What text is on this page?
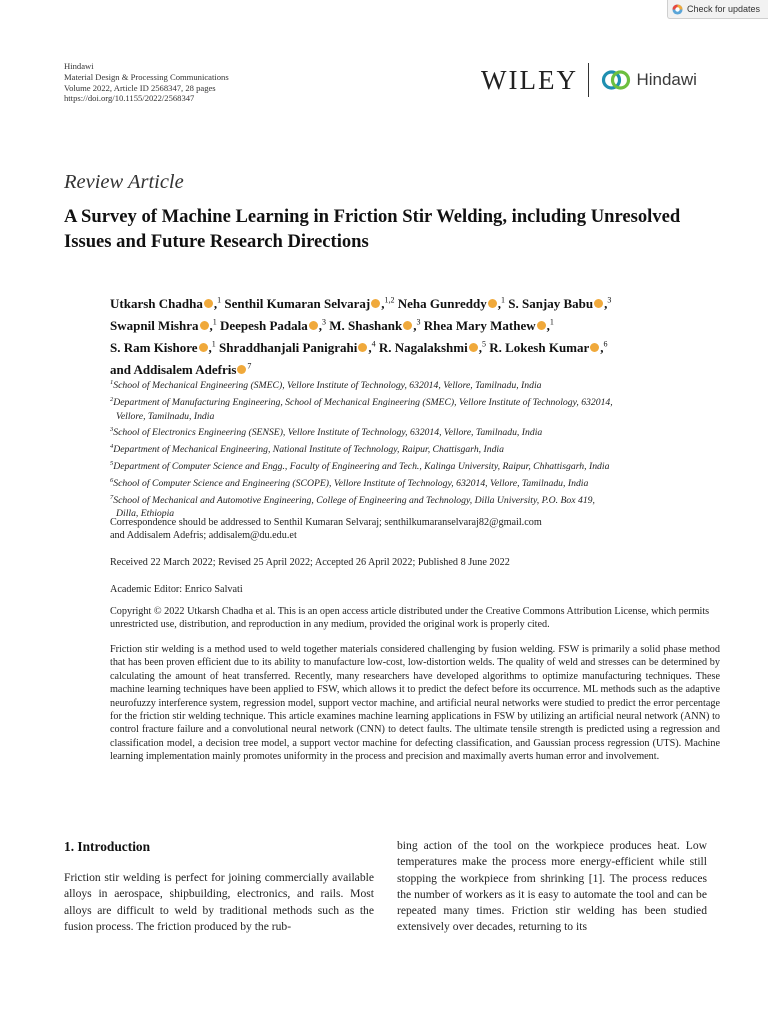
Check for updates
Hindawi
Material Design & Processing Communications
Volume 2022, Article ID 2568347, 28 pages
https://doi.org/10.1155/2022/2568347
WILEY	Hindawi
Review Article
A Survey of Machine Learning in Friction Stir Welding, including Unresolved Issues and Future Research Directions
Utkarsh Chadha ,$^1$ Senthil Kumaran Selvaraj ,$^{1,2}$ Neha Gunreddy ,$^1$ S. Sanjay Babu ,$^3$
Swapnil Mishra ,$^1$ Deepesh Padala ,$^3$ M. Shashank ,$^3$ Rhea Mary Mathew ,$^1$
S. Ram Kishore ,$^1$ Shraddhanjali Panigrahi ,$^4$ R. Nagalakshmi ,$^5$ R. Lokesh Kumar ,$^6$
and Addisalem Adefris $^7$
$^1$School of Mechanical Engineering (SMEC), Vellore Institute of Technology, 632014, Vellore, Tamilnadu, India
$^2$Department of Manufacturing Engineering, School of Mechanical Engineering (SMEC), Vellore Institute of Technology, 632014,
Vellore, Tamilnadu, India
$^3$School of Electronics Engineering (SENSE), Vellore Institute of Technology, 632014, Vellore, Tamilnadu, India
$^4$Department of Mechanical Engineering, National Institute of Technology, Raipur, Chattisgarh, India
$^5$Department of Computer Science and Engg., Faculty of Engineering and Tech., Kalinga University, Raipur, Chhattisgarh, India
$^6$School of Computer Science and Engineering (SCOPE), Vellore Institute of Technology, 632014, Vellore, Tamilnadu, India
$^7$School of Mechanical and Automotive Engineering, College of Engineering and Technology, Dilla University, P.O. Box 419,
Dilla, Ethiopia
Correspondence should be addressed to Senthil Kumaran Selvaraj; senthilkumaranselvaraj82@gmail.com
and Addisalem Adefris; addisalem@du.edu.et
Received 22 March 2022; Revised 25 April 2022; Accepted 26 April 2022; Published 8 June 2022
Academic Editor: Enrico Salvati
Copyright © 2022 Utkarsh Chadha et al. This is an open access article distributed under the Creative Commons Attribution License, which permits unrestricted use, distribution, and reproduction in any medium, provided the original work is properly cited.
Friction stir welding is a method used to weld together materials considered challenging by fusion welding. FSW is primarily a solid phase method that has been proven efficient due to its ability to manufacture low-cost, low-distortion welds. The quality of weld and stresses can be determined by calculating the amount of heat transferred. Recently, many researchers have developed algorithms to optimize manufacturing techniques. These machine learning techniques have been applied to FSW, which allows it to predict the defect before its occurrence. ML methods such as the adaptive neurofuzzy interference system, regression model, support vector machine, and artificial neural networks were studied to predict the error percentage for the friction stir welding technique. This article examines machine learning applications in FSW by utilizing an artificial neural network (ANN) to control fracture failure and a convolutional neural network (CNN) to detect faults. The ultimate tensile strength is predicted using a regression and classification model, a decision tree model, a support vector machine for defecting classification, and Gaussian process regression (UTS). Machine learning implementation mainly promotes uniformity in the process and precision and maximally averts human error and involvement.
1. Introduction
Friction stir welding is perfect for joining commercially available alloys in aerospace, shipbuilding, electronics, and rails. Most alloys are difficult to weld by traditional methods such as the fusion process. The friction produced by the rub-
bing action of the tool on the workpiece produces heat. Low temperatures make the process more energy-efficient while still stopping the workpiece from shrinking [1]. The process reduces the number of workers as it is easy to automate the tool and can be repeated many times. Friction stir welding has been studied extensively over decades, returning to its
